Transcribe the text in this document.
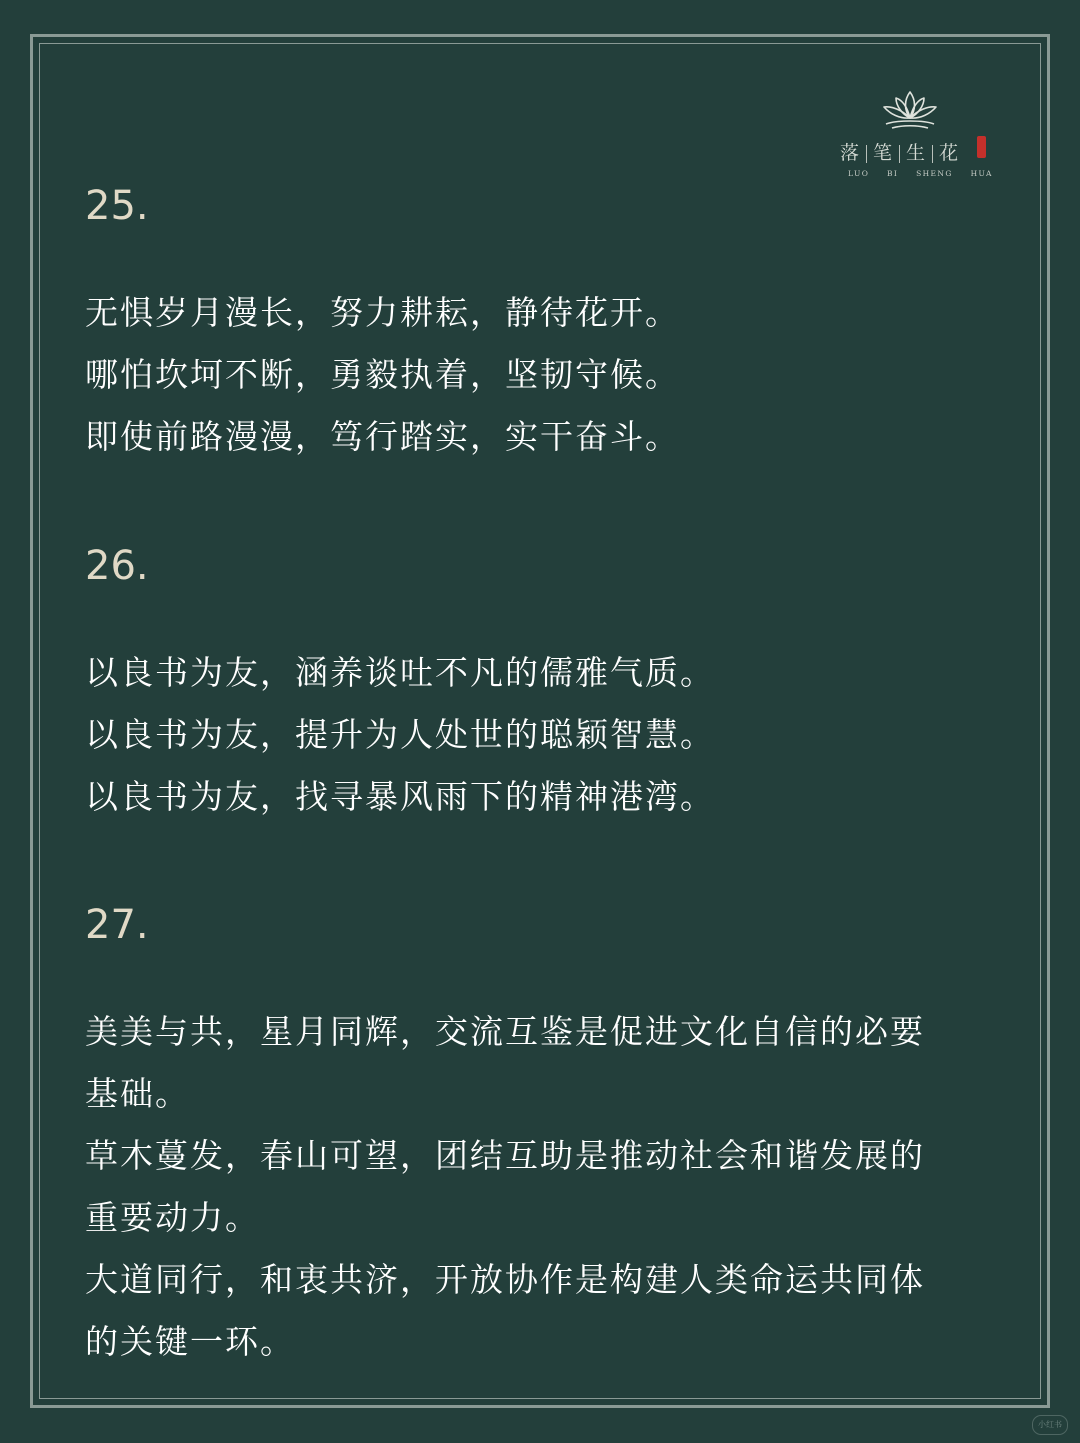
落 笔 生 花
LUO BI SHENG HUA

25.

无惧岁月漫长，努力耕耘，静待花开。

哪怕坎坷不断，勇毅执着，坚韧守候。

即使前路漫漫，笃行踏实，实干奋斗。

26.

以良书为友，涵养谈吐不凡的儒雅气质。

以良书为友，提升为人处世的聪颖智慧。

以良书为友，找寻暴风雨下的精神港湾。

27.

美美与共，星月同辉，交流互鉴是促进文化自信的必要

基础。

草木蔓发，春山可望，团结互助是推动社会和谐发展的

重要动力。

大道同行，和衷共济，开放协作是构建人类命运共同体

的关键一环。

小红书
